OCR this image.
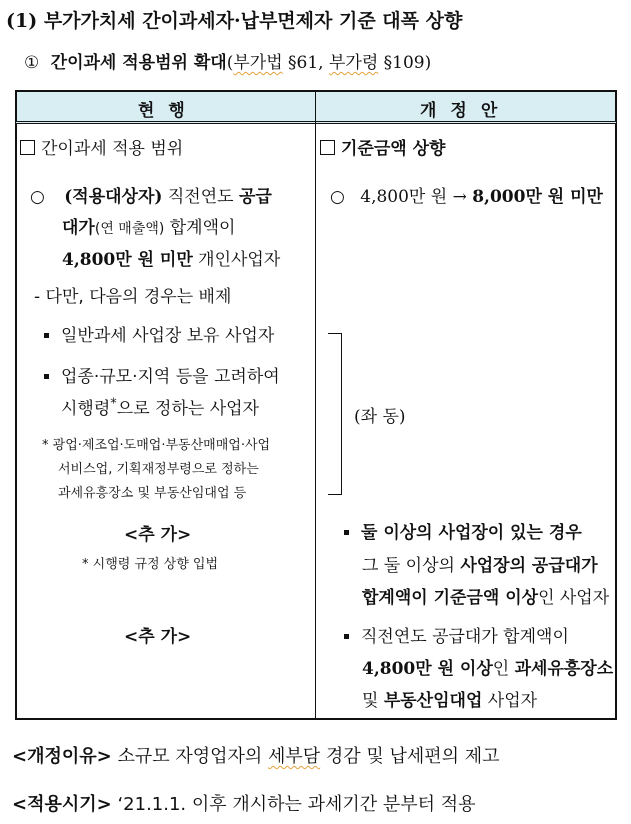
(1) 부가가치세 간이과세자·납부면제자 기준 대폭 상향
① 간이과세 적용범위 확대(부가법 §61, 부가령 §109)
현행	개정안
간이과세 적용 범위
○ (적용대상자) 직전연도 공급
대가(연 매출액) 합계액이
4,800만 원 미만 개인사업자
- 다만, 다음의 경우는 배제
일반과세 사업장 보유 사업자
업종·규모·지역 등을 고려하여
시행령*으로 정하는 사업자
* 광업·제조업·도매업·부동산매매업·사업
서비스업, 기획재정부령으로 정하는
과세유흥장소 및 부동산임대업 등
<추 가>
* 시행령 규정 상향 입법
<추 가>
기준금액 상향
○ 4,800만 원 → 8,000만 원 미만
(좌 동)
둘 이상의 사업장이 있는 경우
그 둘 이상의 사업장의 공급대가
합계액이 기준금액 이상인 사업자
직전연도 공급대가 합계액이
4,800만 원 이상인 과세유흥장소
및 부동산임대업 사업자
<개정이유> 소규모 자영업자의 세부담 경감 및 납세편의 제고
<적용시기> ‘21.1.1. 이후 개시하는 과세기간 분부터 적용
